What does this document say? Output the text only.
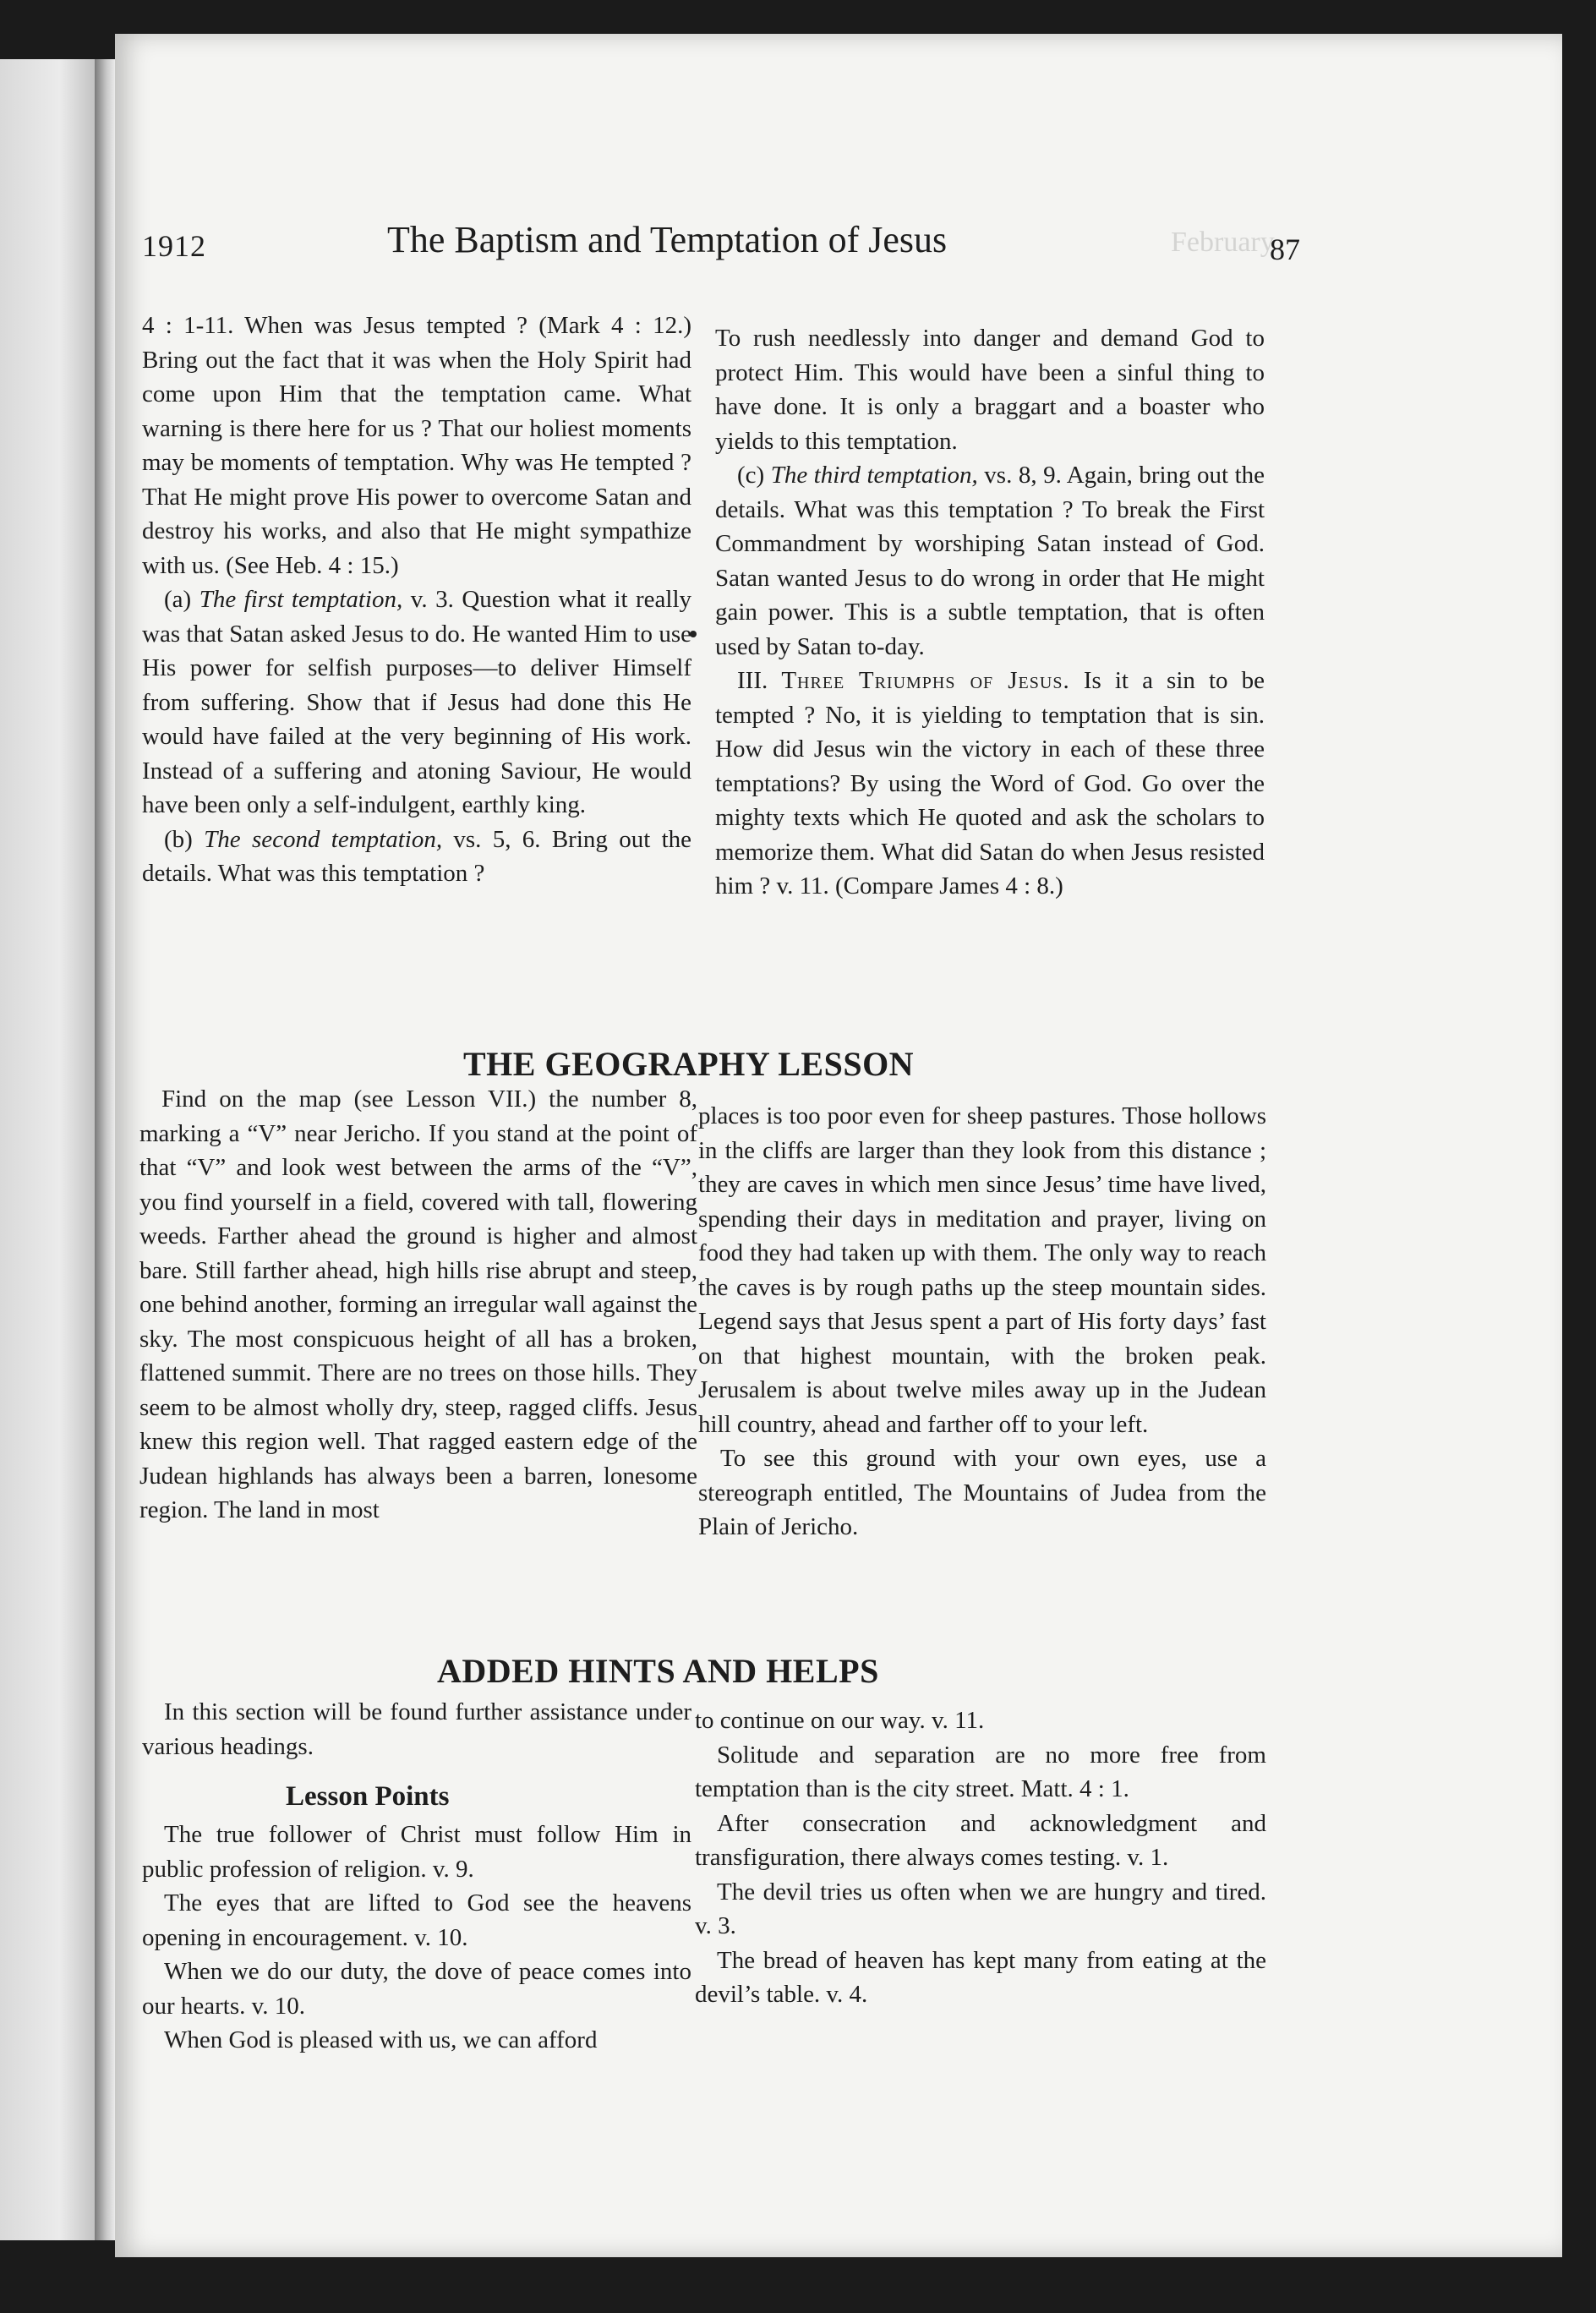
February
1912	The Baptism and Temptation of Jesus	87

4 : 1-11. When was Jesus tempted ? (Mark 4 : 12.) Bring out the fact that it was when the Holy Spirit had come upon Him that the temptation came. What warning is there here for us ? That our holiest moments may be moments of temptation. Why was He tempted ? That He might prove His power to overcome Satan and destroy his works, and also that He might sympathize with us. (See Heb. 4 : 15.)

(a) The first temptation, v. 3. Question what it really was that Satan asked Jesus to do. He wanted Him to use His power for selfish purposes—to deliver Himself from suffering. Show that if Jesus had done this He would have failed at the very beginning of His work. Instead of a suffering and atoning Saviour, He would have been only a self-indulgent, earthly king.

(b) The second temptation, vs. 5, 6. Bring out the details. What was this temptation ?

To rush needlessly into danger and demand God to protect Him. This would have been a sinful thing to have done. It is only a braggart and a boaster who yields to this temptation.

(c) The third temptation, vs. 8, 9. Again, bring out the details. What was this temptation ? To break the First Commandment by worshiping Satan instead of God. Satan wanted Jesus to do wrong in order that He might gain power. This is a subtle temptation, that is often used by Satan to-day.

III. Three Triumphs of Jesus. Is it a sin to be tempted ? No, it is yielding to temptation that is sin. How did Jesus win the victory in each of these three temptations? By using the Word of God. Go over the mighty texts which He quoted and ask the scholars to memorize them. What did Satan do when Jesus resisted him ? v. 11. (Compare James 4 : 8.)

THE GEOGRAPHY LESSON

Find on the map (see Lesson VII.) the number 8, marking a “V” near Jericho. If you stand at the point of that “V” and look west between the arms of the “V”, you find yourself in a field, covered with tall, flowering weeds. Farther ahead the ground is higher and almost bare. Still farther ahead, high hills rise abrupt and steep, one behind another, forming an irregular wall against the sky. The most conspicuous height of all has a broken, flattened summit. There are no trees on those hills. They seem to be almost wholly dry, steep, ragged cliffs. Jesus knew this region well. That ragged eastern edge of the Judean highlands has always been a barren, lonesome region. The land in most

places is too poor even for sheep pastures. Those hollows in the cliffs are larger than they look from this distance ; they are caves in which men since Jesus’ time have lived, spending their days in meditation and prayer, living on food they had taken up with them. The only way to reach the caves is by rough paths up the steep mountain sides. Legend says that Jesus spent a part of His forty days’ fast on that highest mountain, with the broken peak. Jerusalem is about twelve miles away up in the Judean hill country, ahead and farther off to your left.

To see this ground with your own eyes, use a stereograph entitled, The Mountains of Judea from the Plain of Jericho.

ADDED HINTS AND HELPS

In this section will be found further assistance under various headings.

The true follower of Christ must follow Him in public profession of religion. v. 9.

The eyes that are lifted to God see the heavens opening in encouragement. v. 10.

When we do our duty, the dove of peace comes into our hearts. v. 10.

When God is pleased with us, we can afford

Lesson Points

to continue on our way. v. 11.

Solitude and separation are no more free from temptation than is the city street. Matt. 4 : 1.

After consecration and acknowledgment and transfiguration, there always comes testing. v. 1.

The devil tries us often when we are hungry and tired. v. 3.

The bread of heaven has kept many from eating at the devil’s table. v. 4.
